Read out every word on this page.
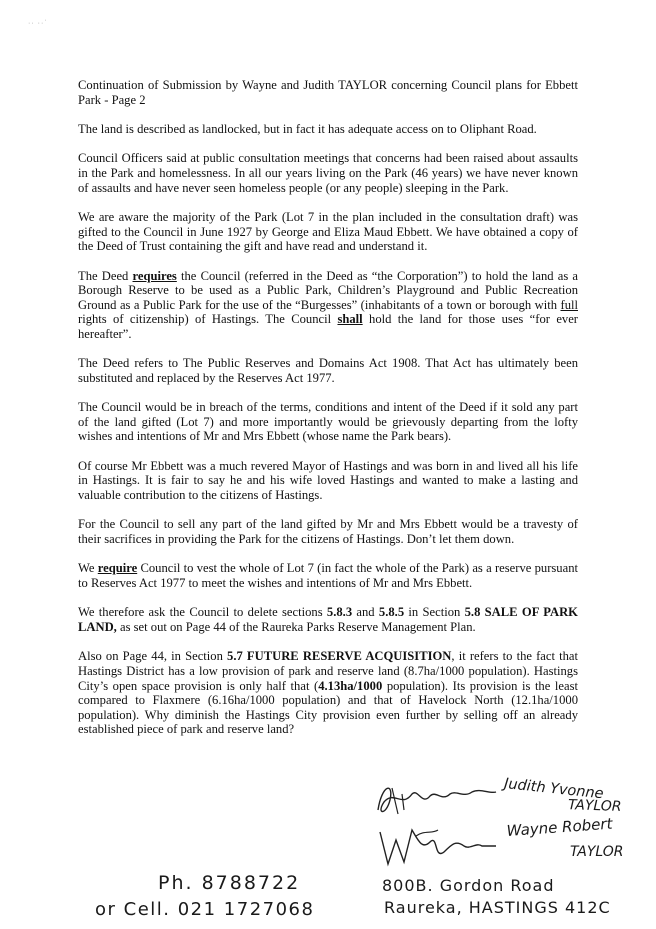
·· ··ʿ

Continuation of Submission by Wayne and Judith TAYLOR concerning Council plans for Ebbett Park - Page 2

The land is described as landlocked, but in fact it has adequate access on to Oliphant Road.

Council Officers said at public consultation meetings that concerns had been raised about assaults in the Park and homelessness. In all our years living on the Park (46 years) we have never known of assaults and have never seen homeless people (or any people) sleeping in the Park.

We are aware the majority of the Park (Lot 7 in the plan included in the consultation draft) was gifted to the Council in June 1927 by George and Eliza Maud Ebbett. We have obtained a copy of the Deed of Trust containing the gift and have read and understand it.

The Deed requires the Council (referred in the Deed as “the Corporation”) to hold the land as a Borough Reserve to be used as a Public Park, Children’s Playground and Public Recreation Ground as a Public Park for the use of the “Burgesses” (inhabitants of a town or borough with full rights of citizenship) of Hastings. The Council shall hold the land for those uses “for ever hereafter”.

The Deed refers to The Public Reserves and Domains Act 1908. That Act has ultimately been substituted and replaced by the Reserves Act 1977.

The Council would be in breach of the terms, conditions and intent of the Deed if it sold any part of the land gifted (Lot 7) and more importantly would be grievously departing from the lofty wishes and intentions of Mr and Mrs Ebbett (whose name the Park bears).

Of course Mr Ebbett was a much revered Mayor of Hastings and was born in and lived all his life in Hastings. It is fair to say he and his wife loved Hastings and wanted to make a lasting and valuable contribution to the citizens of Hastings.

For the Council to sell any part of the land gifted by Mr and Mrs Ebbett would be a travesty of their sacrifices in providing the Park for the citizens of Hastings. Don’t let them down.

We require Council to vest the whole of Lot 7 (in fact the whole of the Park) as a reserve pursuant to Reserves Act 1977 to meet the wishes and intentions of Mr and Mrs Ebbett.

We therefore ask the Council to delete sections 5.8.3 and 5.8.5 in Section 5.8 SALE OF PARK LAND, as set out on Page 44 of the Raureka Parks Reserve Management Plan.

Also on Page 44, in Section 5.7 FUTURE RESERVE ACQUISITION, it refers to the fact that Hastings District has a low provision of park and reserve land (8.7ha/1000 population). Hastings City’s open space provision is only half that (4.13ha/1000 population). Its provision is the least compared to Flaxmere (6.16ha/1000 population) and that of Havelock North (12.1ha/1000 population). Why diminish the Hastings City provision even further by selling off an already established piece of park and reserve land?

Judith Yvonne
TAYLOR
Wayne Robert
TAYLOR
Ph. 8788722
or Cell. 021 1727068
800B. Gordon Road
Raureka, HASTINGS 412C
